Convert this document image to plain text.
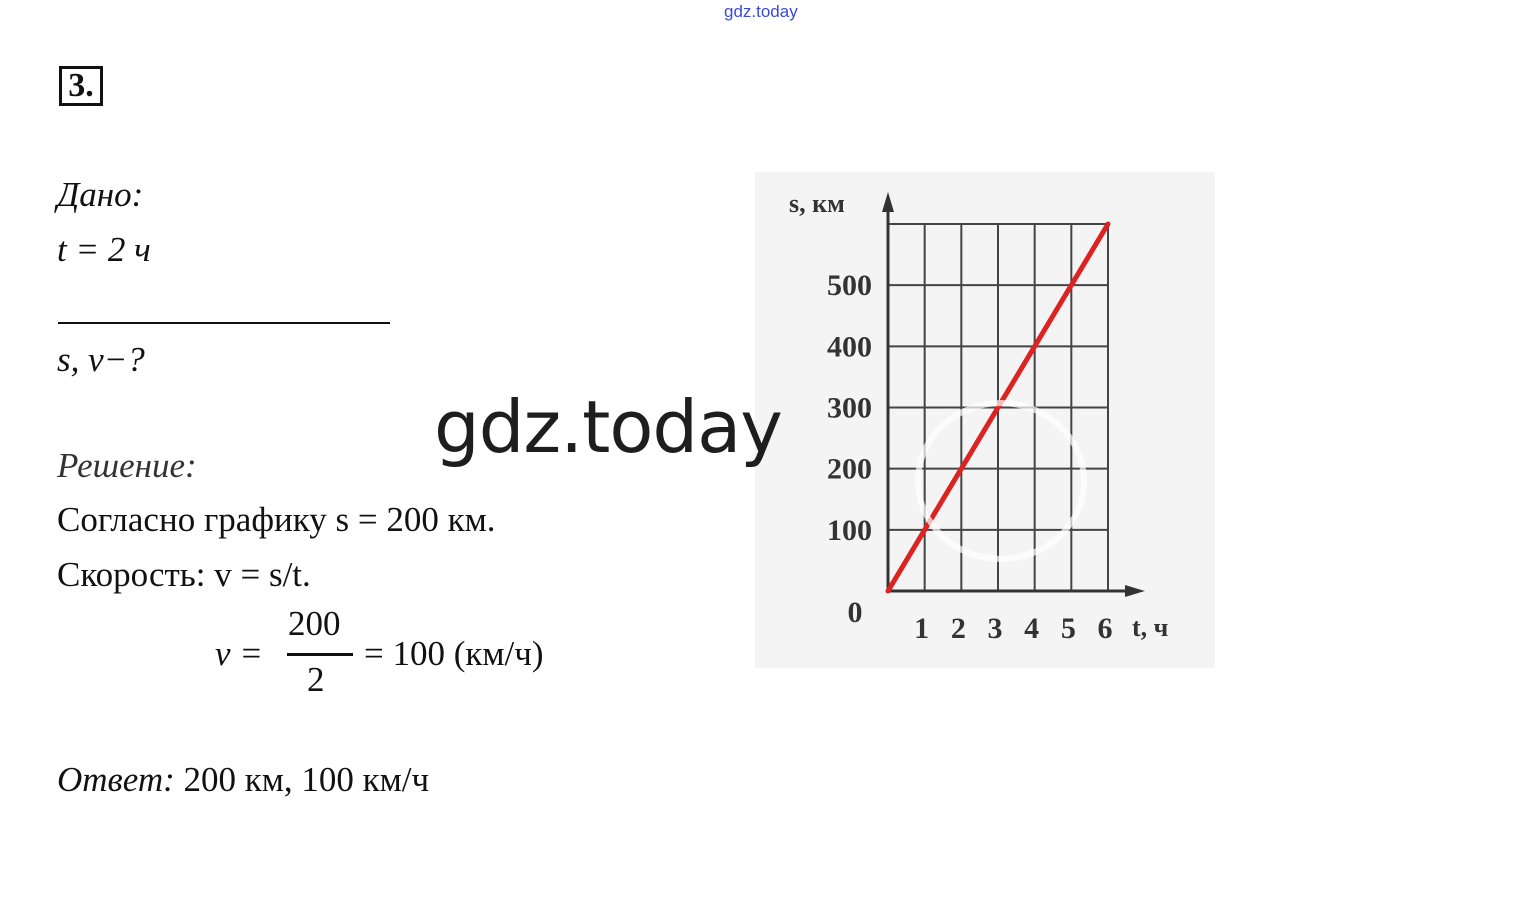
gdz.today
3.
Дано:
t = 2 ч
s, v−?
Решение:
Согласно графику s = 200 км.
Скорость: v = s/t.
v =
200
2
= 100 (км/ч)
Ответ: 200 км, 100 км/ч
100
200
300
400
500
1 2 3 4 5 6
0
s, км
t, ч
gdz.today
